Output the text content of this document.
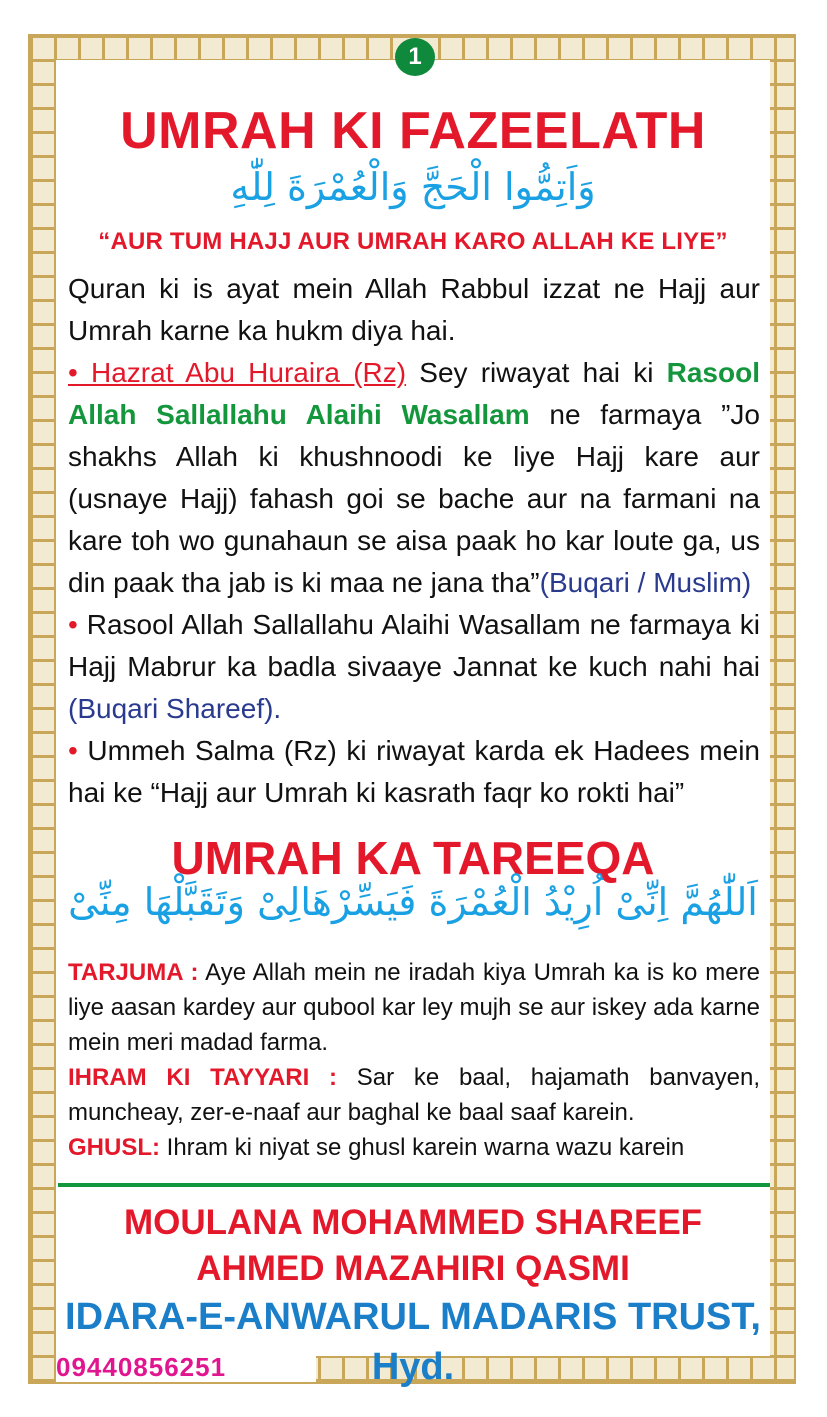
1
UMRAH KI FAZEELATH
وَاَتِمُّوا الْحَجَّ وَالْعُمْرَةَ لِلّٰهِ
“AUR TUM HAJJ AUR UMRAH KARO ALLAH KE LIYE”
Quran ki is ayat mein Allah Rabbul izzat ne Hajj aur Umrah karne ka hukm diya hai.
• Hazrat Abu Huraira (Rz) Sey riwayat hai ki Rasool Allah Sallallahu Alaihi Wasallam ne farmaya ”Jo shakhs Allah ki khushnoodi ke liye Hajj kare aur (usnaye Hajj) fahash goi se bache aur na farmani na kare toh wo gunahaun se aisa paak ho kar loute ga, us din paak tha jab is ki maa ne jana tha”(Buqari / Muslim)
• Rasool Allah Sallallahu Alaihi Wasallam ne farmaya ki Hajj Mabrur ka badla sivaaye Jannat ke kuch nahi hai (Buqari Shareef).
• Ummeh Salma (Rz) ki riwayat karda ek Hadees mein hai ke “Hajj aur Umrah ki kasrath faqr ko rokti hai”
UMRAH KA TAREEQA
اَللّٰهُمَّ اِنِّیْ اُرِیْدُ الْعُمْرَةَ فَیَسِّرْهَالِیْ وَتَقَبَّلْهَا مِنِّیْ
TARJUMA : Aye Allah mein ne iradah kiya Umrah ka is ko mere liye aasan kardey aur qubool kar ley mujh se aur iskey ada karne mein meri madad farma.
IHRAM KI TAYYARI : Sar ke baal, hajamath banvayen, muncheay, zer-e-naaf aur baghal ke baal saaf karein.
GHUSL: Ihram ki niyat se ghusl karein warna wazu karein
MOULANA MOHAMMED SHAREEF
AHMED MAZAHIRI QASMI
IDARA-E-ANWARUL MADARIS TRUST, Hyd.
09440856251
